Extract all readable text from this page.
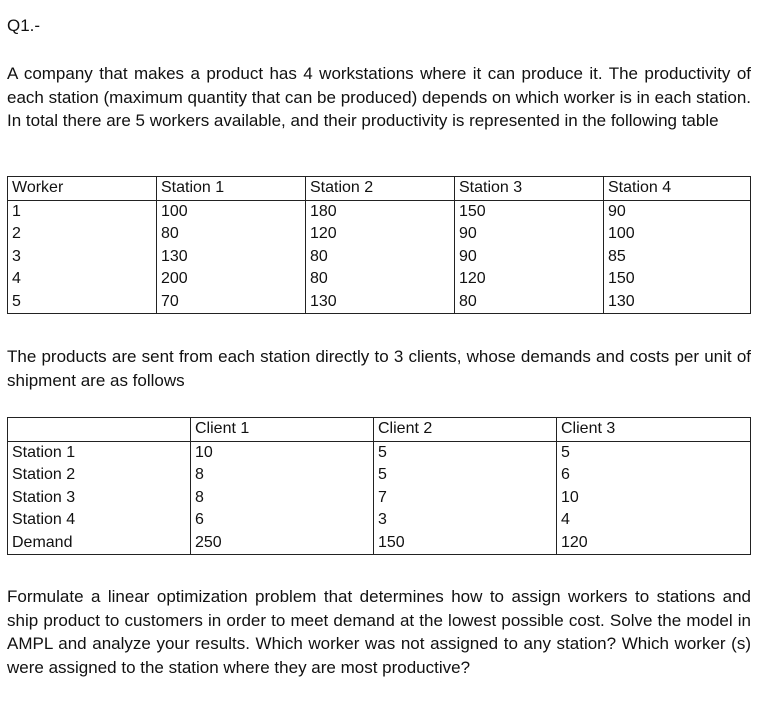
Q1.-

A company that makes a product has 4 workstations where it can produce it. The productivity of each station (maximum quantity that can be produced) depends on which worker is in each station. In total there are 5 workers available, and their productivity is represented in the following table

Worker	Station 1	Station 2	Station 3	Station 4
1	100	180	150	90
2	80	120	90	100
3	130	80	90	85
4	200	80	120	150
5	70	130	80	130

The products are sent from each station directly to 3 clients, whose demands and costs per unit of shipment are as follows

	Client 1	Client 2	Client 3
Station 1	10	5	5
Station 2	8	5	6
Station 3	8	7	10
Station 4	6	3	4
Demand	250	150	120

Formulate a linear optimization problem that determines how to assign workers to stations and ship product to customers in order to meet demand at the lowest possible cost. Solve the model in AMPL and analyze your results. Which worker was not assigned to any station? Which worker (s) were assigned to the station where they are most productive?
